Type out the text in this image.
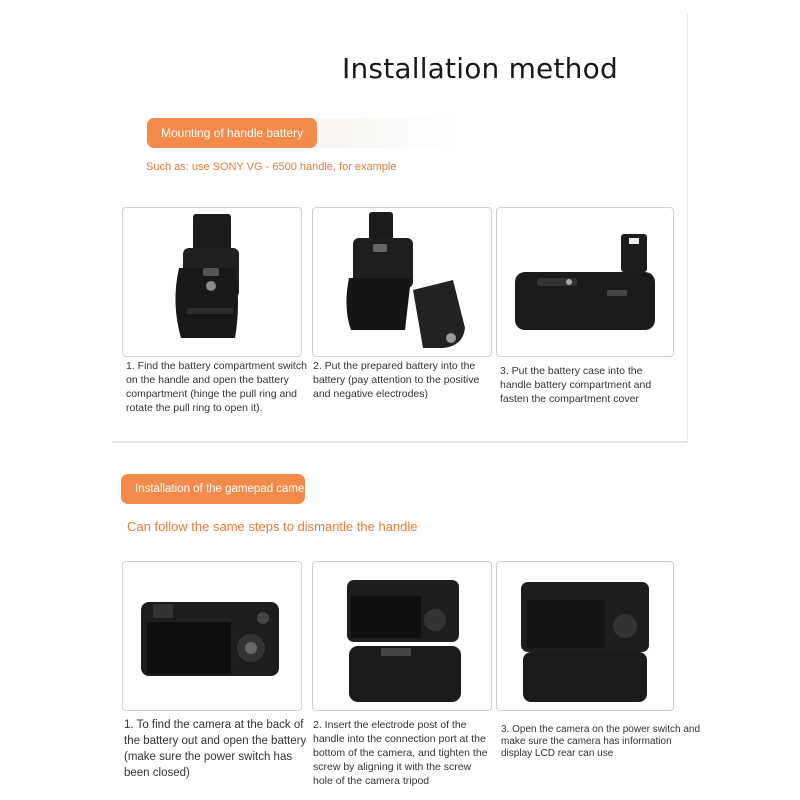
Installation method
Mounting of handle battery
Such as: use SONY VG - 6500 handle, for example
1. Find the battery compartment switch on the handle and open the battery compartment (hinge the pull ring and rotate the pull ring to open it).
2. Put the prepared battery into the battery (pay attention to the positive and negative electrodes)
3. Put the battery case into the handle battery compartment and fasten the compartment cover
Installation of the gamepad camera
Can follow the same steps to dismantle the handle
1. To find the camera at the back of the battery out and open the battery (make sure the power switch has been closed)
2. Insert the electrode post of the handle into the connection port at the bottom of the camera, and tighten the screw by aligning it with the screw hole of the camera tripod
3. Open the camera on the power switch and make sure the camera has information display LCD rear can use
